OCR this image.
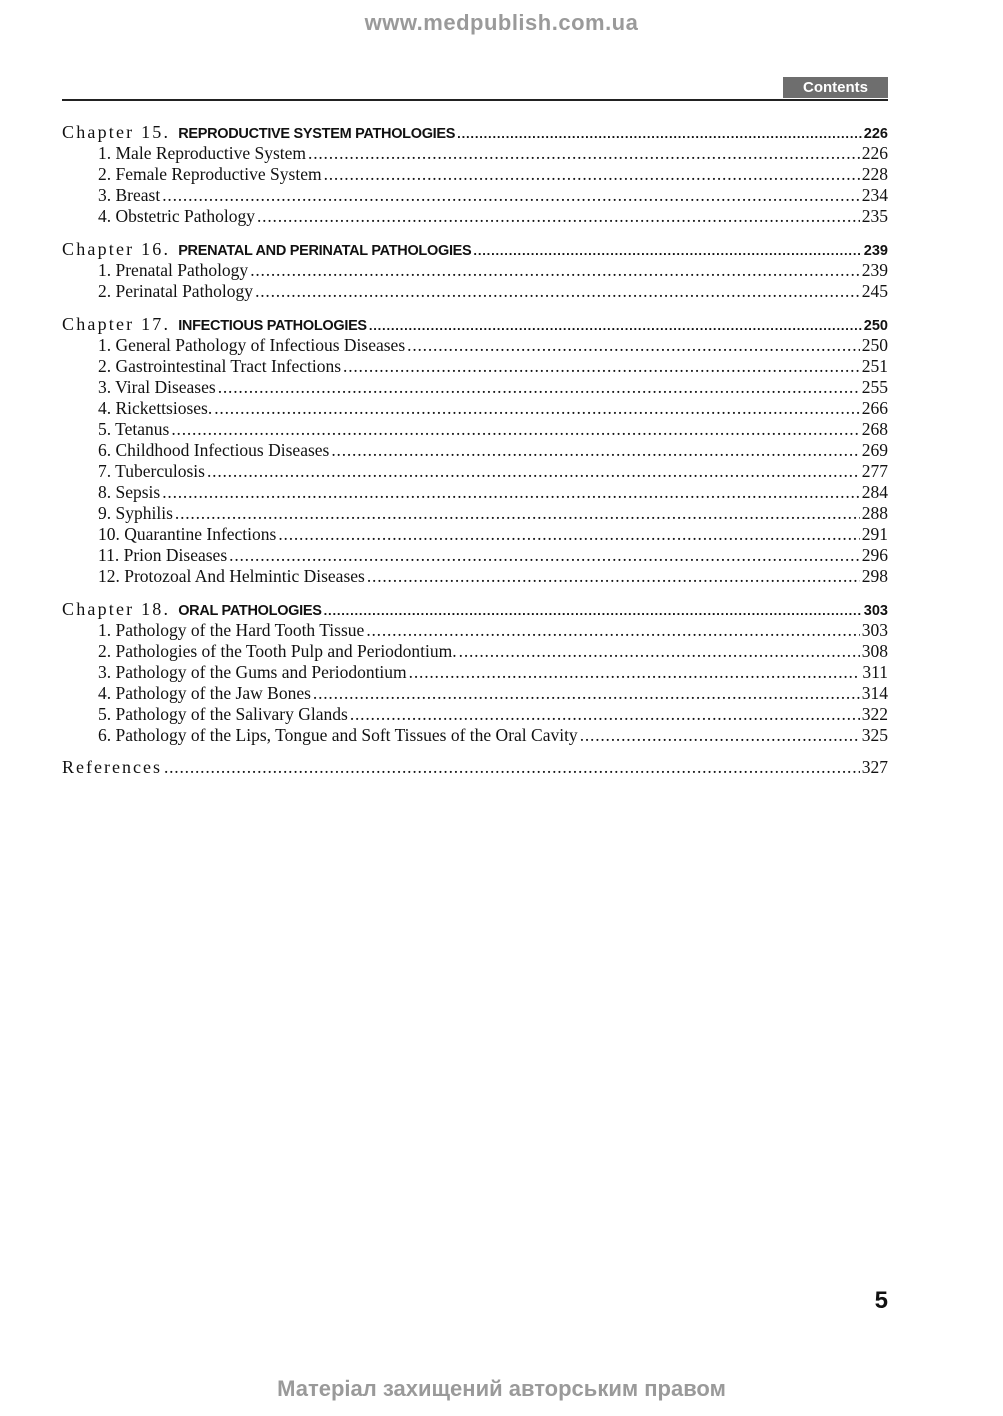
www.medpublish.com.ua
Contents
Chapter 15. REPRODUCTIVE SYSTEM PATHOLOGIES .....	226
1. Male Reproductive System .....	226
2. Female Reproductive System .....	228
3. Breast .....	234
4. Obstetric Pathology .....	235
Chapter 16. PRENATAL AND PERINATAL PATHOLOGIES .....	239
1. Prenatal Pathology .....	239
2. Perinatal Pathology .....	245
Chapter 17. INFECTIOUS PATHOLOGIES .....	250
1. General Pathology of Infectious Diseases .....	250
2. Gastrointestinal Tract Infections .....	251
3. Viral Diseases .....	255
4. Rickettsioses. .....	266
5. Tetanus .....	268
6. Childhood Infectious Diseases .....	269
7. Tuberculosis .....	277
8. Sepsis .....	284
9. Syphilis .....	288
10. Quarantine Infections .....	291
11. Prion Diseases .....	296
12. Protozoal And Helmintic Diseases .....	298
Chapter 18. ORAL PATHOLOGIES .....	303
1. Pathology of the Hard Tooth Tissue .....	303
2. Pathologies of the Tooth Pulp and Periodontium. .....	308
3. Pathology of the Gums and Periodontium .....	311
4. Pathology of the Jaw Bones .....	314
5. Pathology of the Salivary Glands .....	322
6. Pathology of the Lips, Tongue and Soft Tissues of the Oral Cavity .....	325
References .....	327
5
Матеріал захищений авторським правом
